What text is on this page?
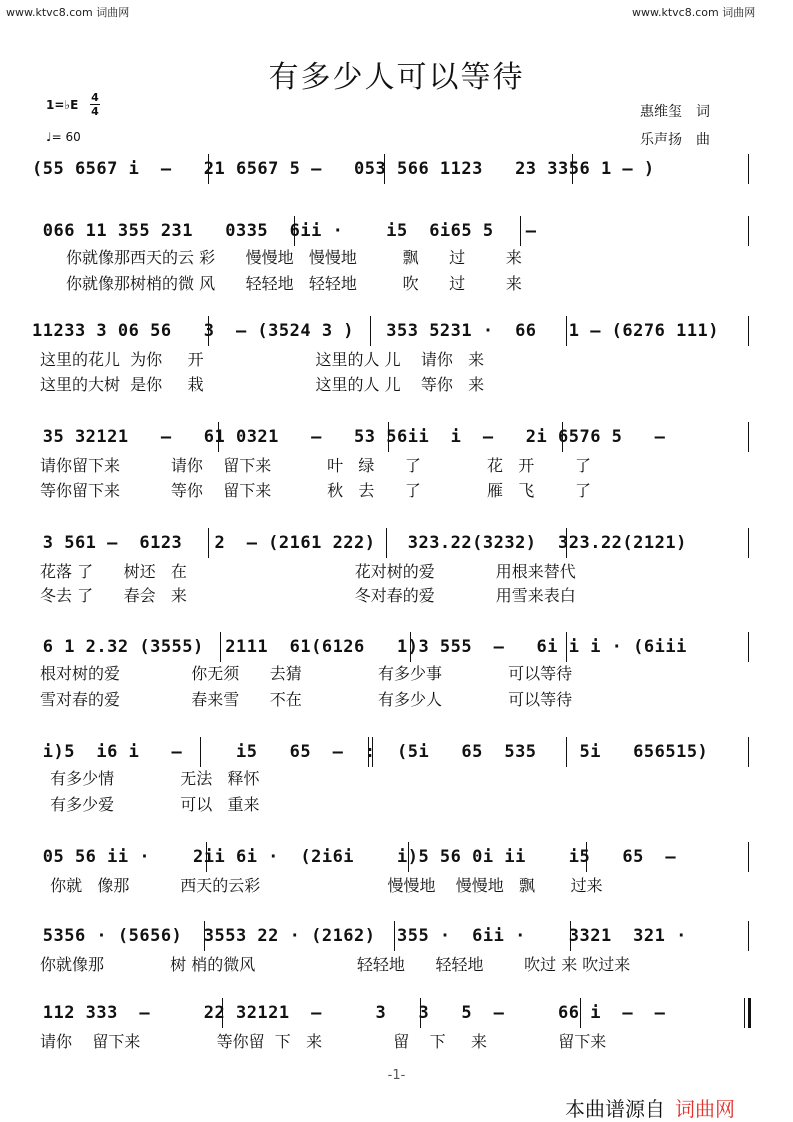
www.ktvc8.com 词曲网	www.ktvc8.com 词曲网
有多少人可以等待
惠维玺　词
乐声扬　曲
1=♭E
4
4
♩= 60
(55 6567 i  –   21 6567 5 –   053 566 1123   23 3356 1 – )
066 11 355 231   0335  6ii ·    i5  6i65 5   –
你就像那西天的云 彩      慢慢地   慢慢地         飘      过        来
你就像那树梢的微 风      轻轻地   轻轻地         吹      过        来
11233 3 06 56   3  – (3524 3 )   353 5231 ·  66   1 – (6276 111)
这里的花儿  为你     开                      这里的人 儿    请你   来
这里的大树  是你     栽                      这里的人 儿    等你   来
35 32121   –   61 0321   –   53 56ii  i  –   2i 6576 5   –
请你留下来          请你    留下来           叶   绿      了             花   开        了
等你留下来          等你    留下来           秋   去      了             雁   飞        了
3 561 –  6123   2  – (2161 222)   323.22(3232)  323.22(2121)
花落 了      树还   在                                 花对树的爱            用根来替代
冬去 了      春会   来                                 冬对春的爱            用雪来表白
6 1 2.32 (3555)  2111  61(6126   1)3 555  –   6i i i · (6iii
根对树的爱              你无须      去猜               有多少事             可以等待
雪对春的爱              春来雪      不在               有多少人             可以等待
i)5  i6 i   –     i5   65  –  :  (5i   65  535    5i   656515)
有多少情             无法   释怀
有多少爱             可以   重来
05 56 ii ·    2ii 6i ·  (2i6i    i)5 56 0i ii    i5   65  –
你就   像那          西天的云彩                         慢慢地    慢慢地   飘       过来
5356 · (5656)  3553 22 · (2162)  355 ·  6ii ·    3321  321 ·
你就像那             树 梢的微风                    轻轻地      轻轻地        吹过 来 吹过来
112 333  –     22 32121  –     3   3   5  –     66 i  –  –
请你    留下来               等你留  下   来              留    下     来              留下来
-1-
本曲谱源自 词曲网
